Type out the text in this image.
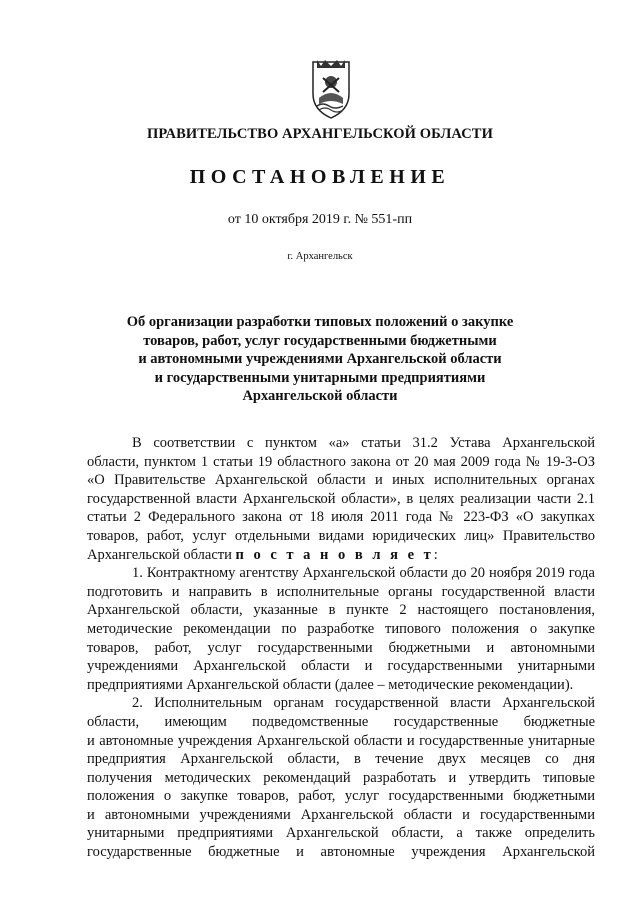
ПРАВИТЕЛЬСТВО АРХАНГЕЛЬСКОЙ ОБЛАСТИ
ПОСТАНОВЛЕНИЕ
от 10 октября 2019 г. № 551-пп
г. Архангельск
Об организации разработки типовых положений о закупке
товаров, работ, услуг государственными бюджетными
и автономными учреждениями Архангельской области
и государственными унитарными предприятиями
Архангельской области
В соответствии с пунктом «а» статьи 31.2 Устава Архангельской
области, пунктом 1 статьи 19 областного закона от 20 мая 2009 года № 19-3-ОЗ
«О Правительстве Архангельской области и иных исполнительных органах
государственной власти Архангельской области», в целях реализации части 2.1
статьи 2 Федерального закона от 18 июля 2011 года № 223-ФЗ «О закупках
товаров, работ, услуг отдельными видами юридических лиц» Правительство
Архангельской области п о с т а н о в л я е т:
1. Контрактному агентству Архангельской области до 20 ноября 2019 года
подготовить и направить в исполнительные органы государственной власти
Архангельской области, указанные в пункте 2 настоящего постановления,
методические рекомендации по разработке типового положения о закупке
товаров, работ, услуг государственными бюджетными и автономными
учреждениями Архангельской области и государственными унитарными
предприятиями Архангельской области (далее – методические рекомендации).
2. Исполнительным органам государственной власти Архангельской
области, имеющим подведомственные государственные бюджетные
и автономные учреждения Архангельской области и государственные унитарные
предприятия Архангельской области, в течение двух месяцев со дня
получения методических рекомендаций разработать и утвердить типовые
положения о закупке товаров, работ, услуг государственными бюджетными
и автономными учреждениями Архангельской области и государственными
унитарными предприятиями Архангельской области, а также определить
государственные бюджетные и автономные учреждения Архангельской
